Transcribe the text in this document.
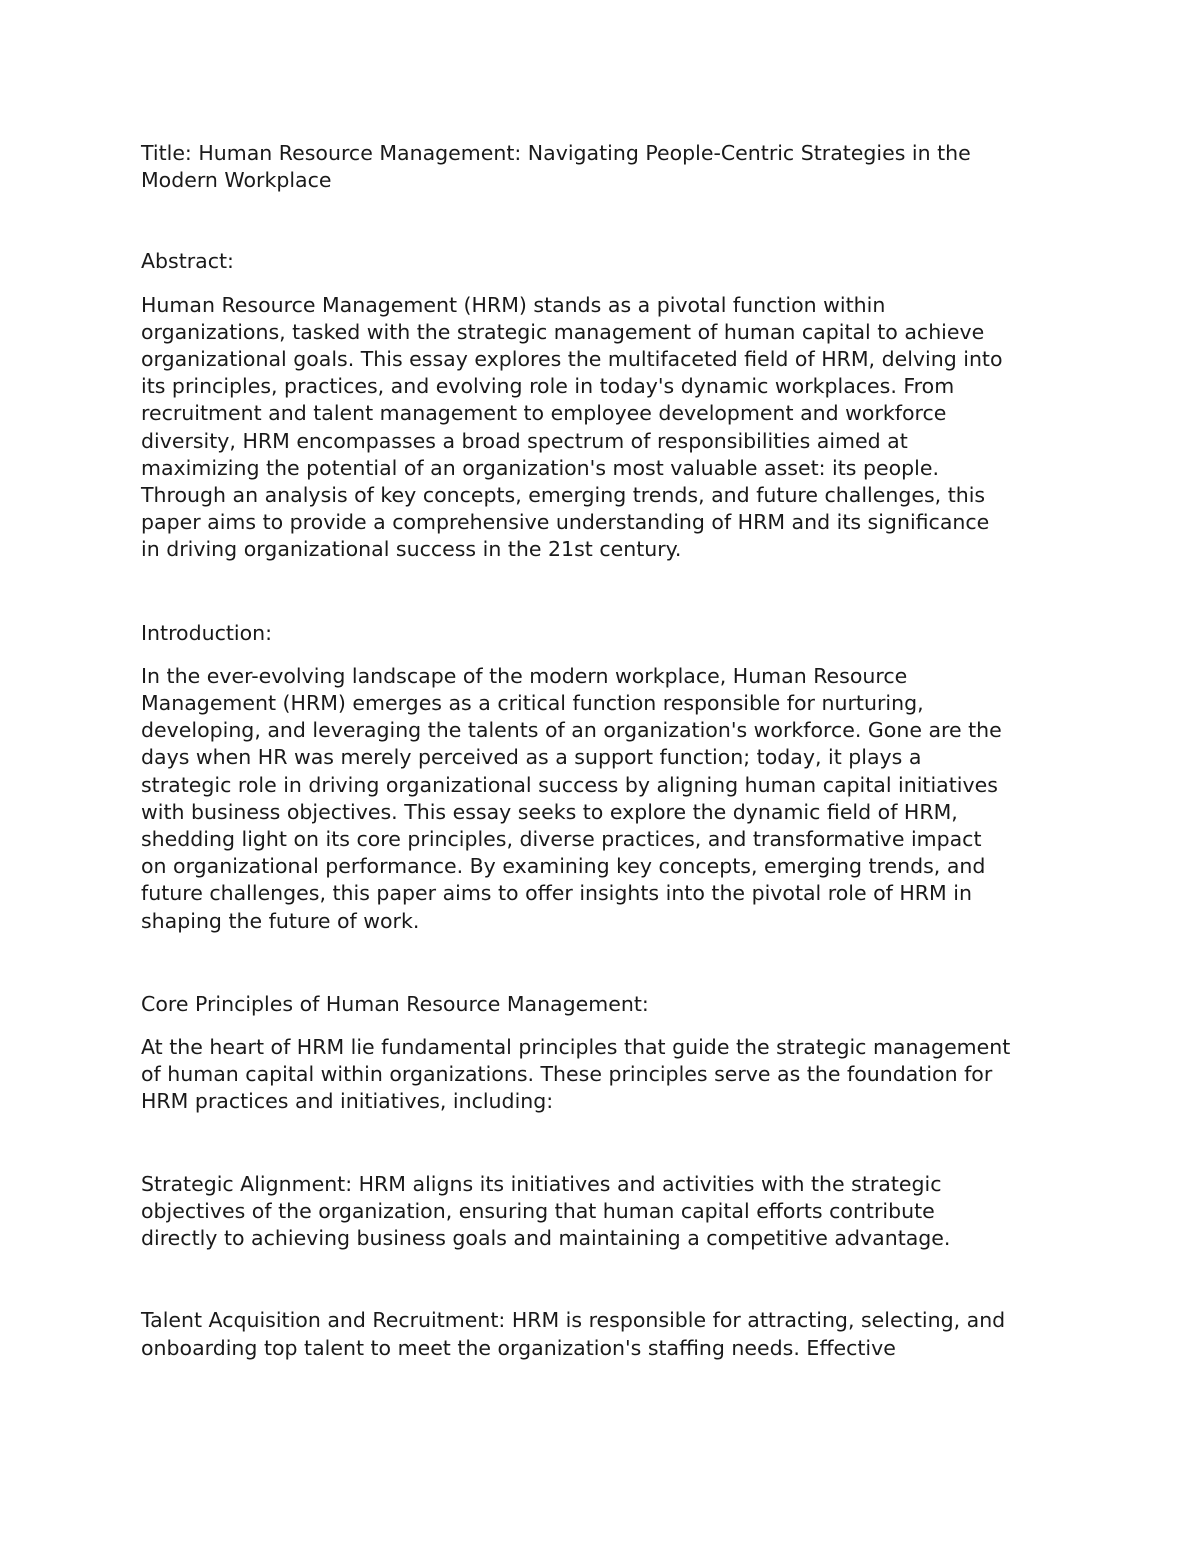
Title: Human Resource Management: Navigating People-Centric Strategies in the
Modern Workplace

Abstract:

Human Resource Management (HRM) stands as a pivotal function within
organizations, tasked with the strategic management of human capital to achieve
organizational goals. This essay explores the multifaceted field of HRM, delving into
its principles, practices, and evolving role in today's dynamic workplaces. From
recruitment and talent management to employee development and workforce
diversity, HRM encompasses a broad spectrum of responsibilities aimed at
maximizing the potential of an organization's most valuable asset: its people.
Through an analysis of key concepts, emerging trends, and future challenges, this
paper aims to provide a comprehensive understanding of HRM and its significance
in driving organizational success in the 21st century.

Introduction:

In the ever-evolving landscape of the modern workplace, Human Resource
Management (HRM) emerges as a critical function responsible for nurturing,
developing, and leveraging the talents of an organization's workforce. Gone are the
days when HR was merely perceived as a support function; today, it plays a
strategic role in driving organizational success by aligning human capital initiatives
with business objectives. This essay seeks to explore the dynamic field of HRM,
shedding light on its core principles, diverse practices, and transformative impact
on organizational performance. By examining key concepts, emerging trends, and
future challenges, this paper aims to offer insights into the pivotal role of HRM in
shaping the future of work.

Core Principles of Human Resource Management:

At the heart of HRM lie fundamental principles that guide the strategic management
of human capital within organizations. These principles serve as the foundation for
HRM practices and initiatives, including:

Strategic Alignment: HRM aligns its initiatives and activities with the strategic
objectives of the organization, ensuring that human capital efforts contribute
directly to achieving business goals and maintaining a competitive advantage.

Talent Acquisition and Recruitment: HRM is responsible for attracting, selecting, and
onboarding top talent to meet the organization's staffing needs. Effective
